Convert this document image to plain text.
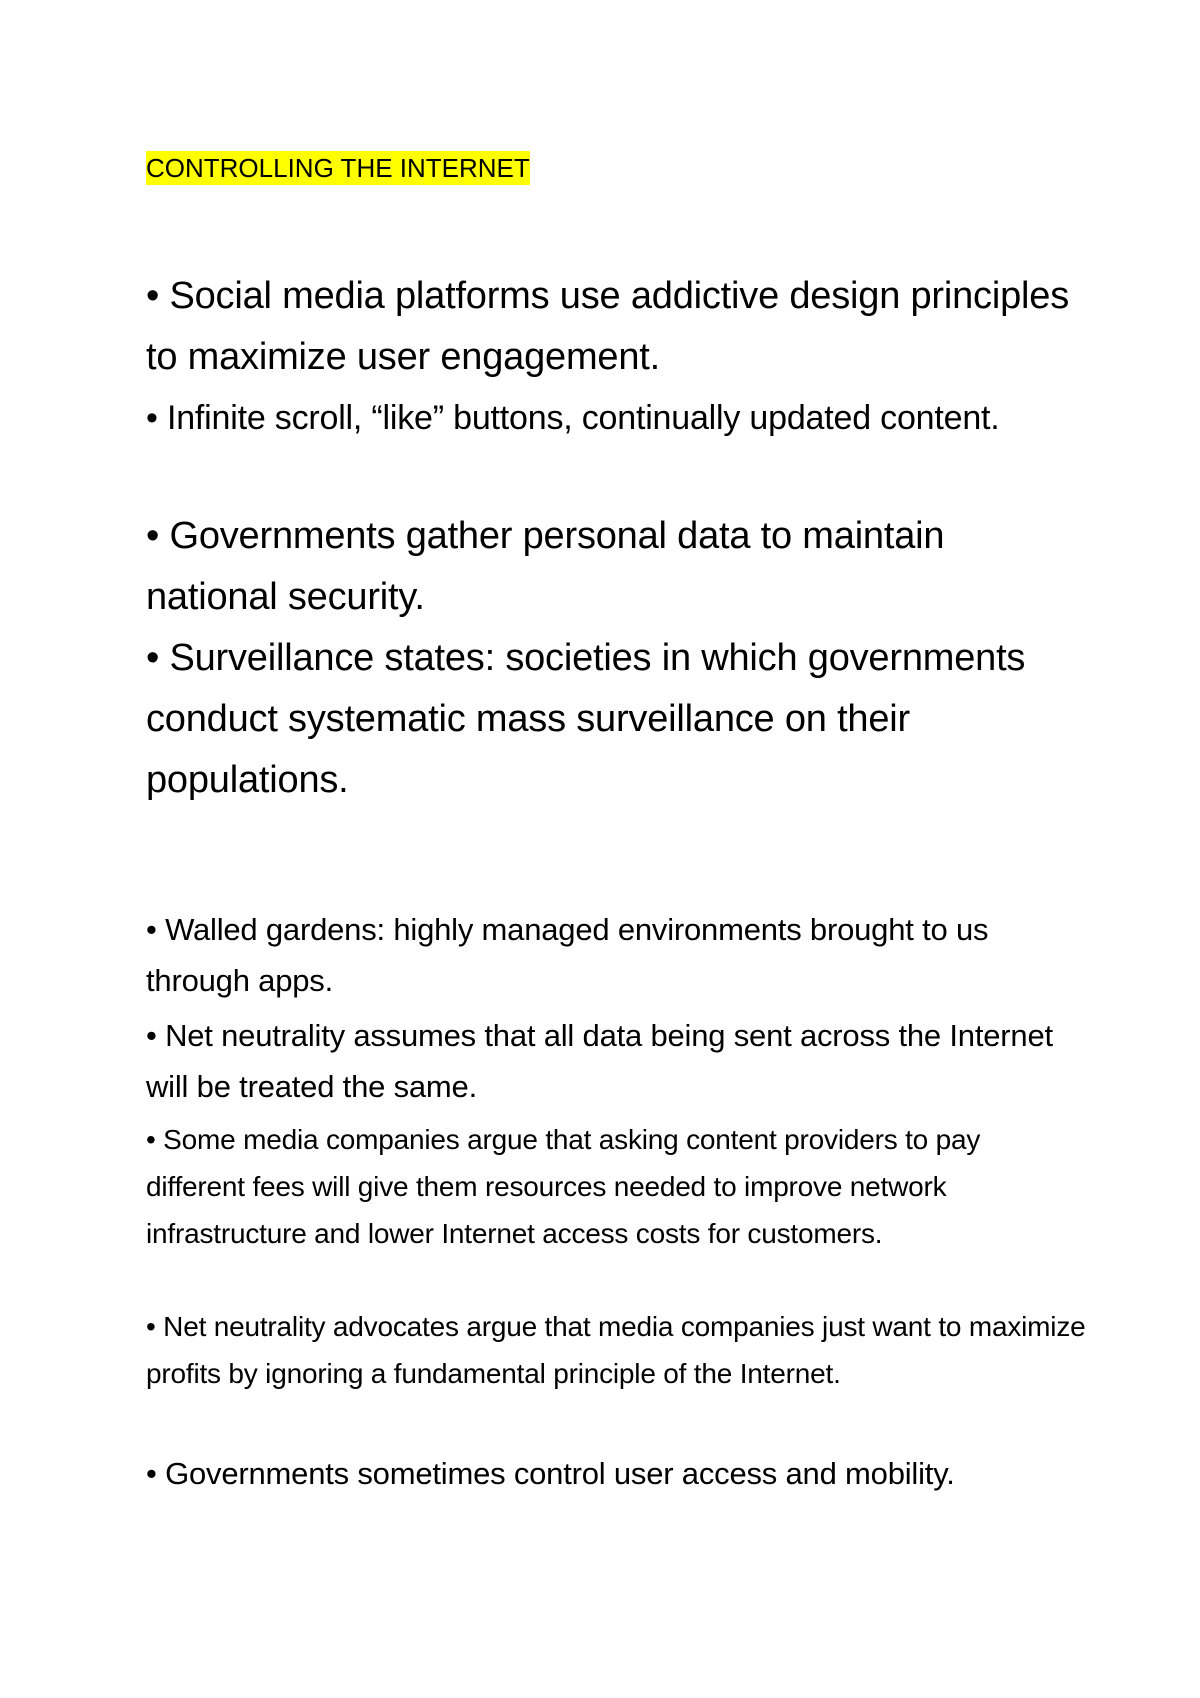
CONTROLLING THE INTERNET

• Social media platforms use addictive design principles to maximize user engagement.

• Infinite scroll, “like” buttons, continually updated content.

• Governments gather personal data to maintain national security.

• Surveillance states: societies in which governments conduct systematic mass surveillance on their populations.

• Walled gardens: highly managed environments brought to us through apps.

• Net neutrality assumes that all data being sent across the Internet will be treated the same.

• Some media companies argue that asking content providers to pay different fees will give them resources needed to improve network infrastructure and lower Internet access costs for customers.

• Net neutrality advocates argue that media companies just want to maximize profits by ignoring a fundamental principle of the Internet.

• Governments sometimes control user access and mobility.
